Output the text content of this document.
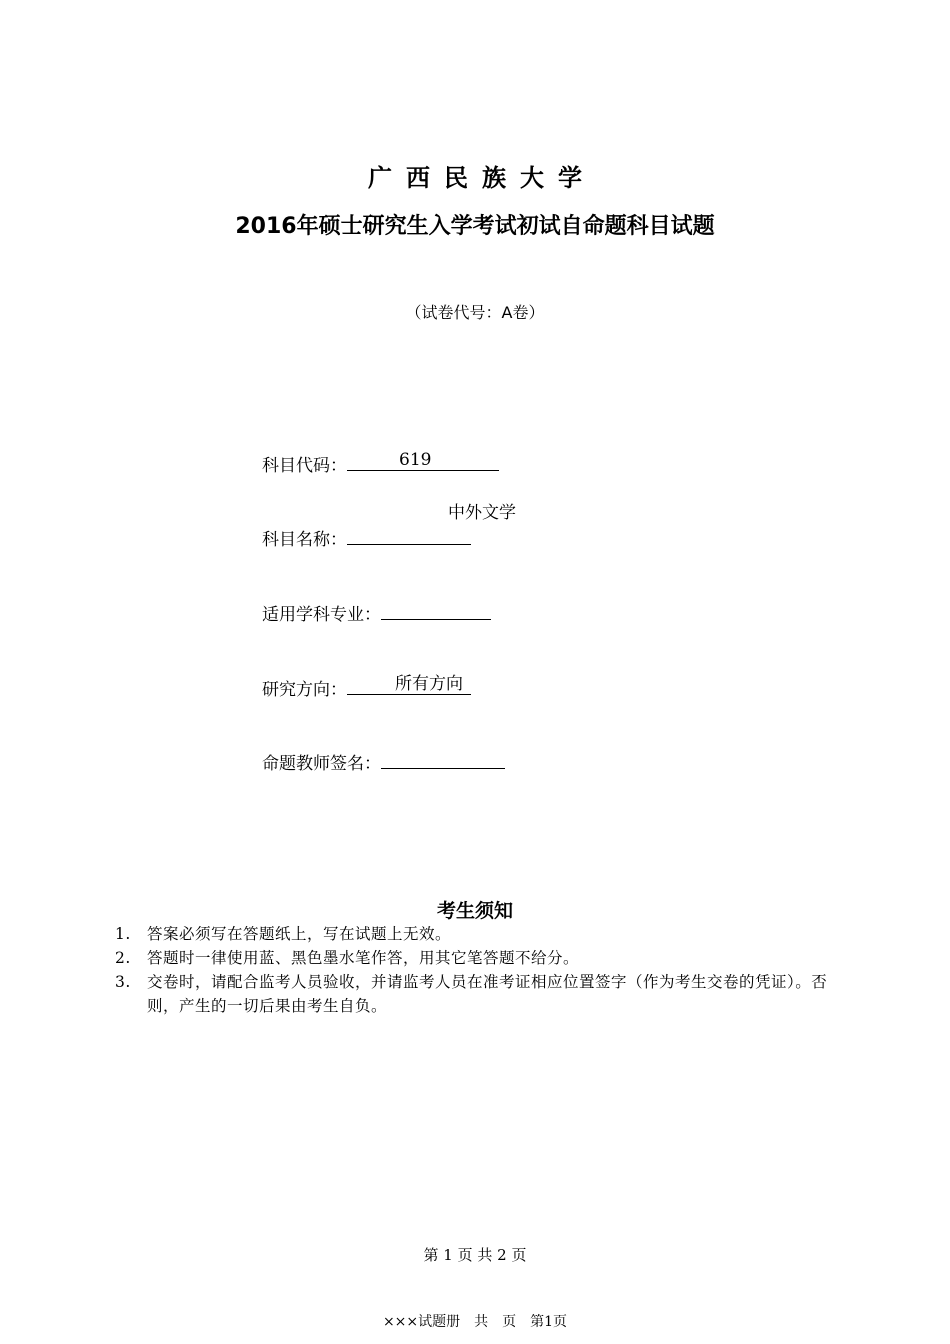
广西民族大学
2016年硕士研究生入学考试初试自命题科目试题
（试卷代号：A卷）
科目代码：	619
中外文学
科目名称：
适用学科专业：
研究方向：	所有方向
命题教师签名：
考生须知
1. 答案必须写在答题纸上，写在试题上无效。
2. 答题时一律使用蓝、黑色墨水笔作答，用其它笔答题不给分。
3. 交卷时，请配合监考人员验收，并请监考人员在准考证相应位置签字（作为考生交卷的凭证）。否则，产生的一切后果由考生自负。
第 1 页 共 2 页
×××试题册　共　页　第1页
